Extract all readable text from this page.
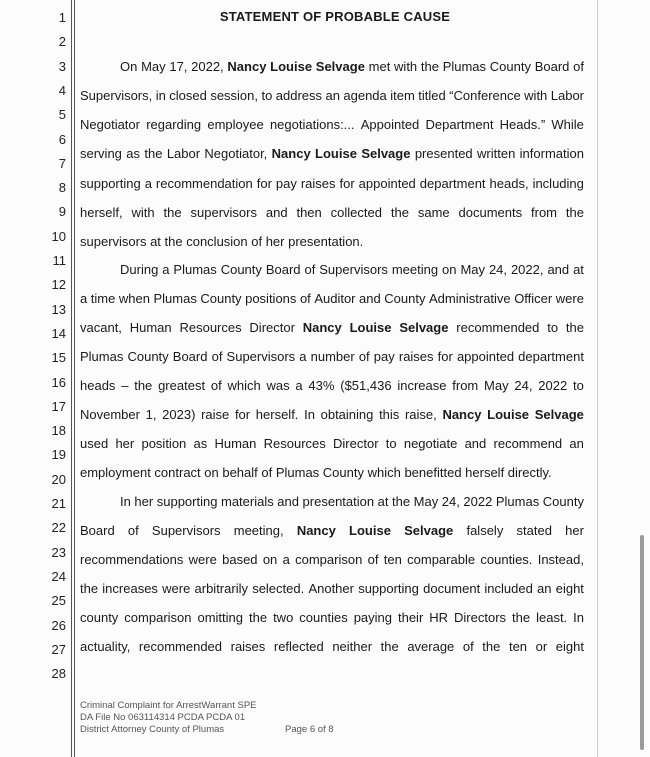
1
2
3
4
5
6
7
8
9
10
11
12
13
14
15
16
17
18
19
20
21
22
23
24
25
26
27
28
STATEMENT OF PROBABLE CAUSE
On May 17, 2022, Nancy Louise Selvage met with the Plumas County Board of
Supervisors, in closed session, to address an agenda item titled “Conference with Labor
Negotiator regarding employee negotiations:... Appointed Department Heads.” While
serving as the Labor Negotiator, Nancy Louise Selvage presented written information
supporting a recommendation for pay raises for appointed department heads, including
herself, with the supervisors and then collected the same documents from the
supervisors at the conclusion of her presentation.
During a Plumas County Board of Supervisors meeting on May 24, 2022, and at
a time when Plumas County positions of Auditor and County Administrative Officer were
vacant, Human Resources Director Nancy Louise Selvage recommended to the
Plumas County Board of Supervisors a number of pay raises for appointed department
heads – the greatest of which was a 43% ($51,436 increase from May 24, 2022 to
November 1, 2023) raise for herself. In obtaining this raise, Nancy Louise Selvage
used her position as Human Resources Director to negotiate and recommend an
employment contract on behalf of Plumas County which benefitted herself directly.
In her supporting materials and presentation at the May 24, 2022 Plumas County
Board of Supervisors meeting, Nancy Louise Selvage falsely stated her
recommendations were based on a comparison of ten comparable counties. Instead,
the increases were arbitrarily selected. Another supporting document included an eight
county comparison omitting the two counties paying their HR Directors the least. In
actuality, recommended raises reflected neither the average of the ten or eight
Criminal Complaint for ArrestWarrant SPE
DA File No 063114314 PCDA PCDA 01
District Attorney County of Plumas	Page 6 of 8
